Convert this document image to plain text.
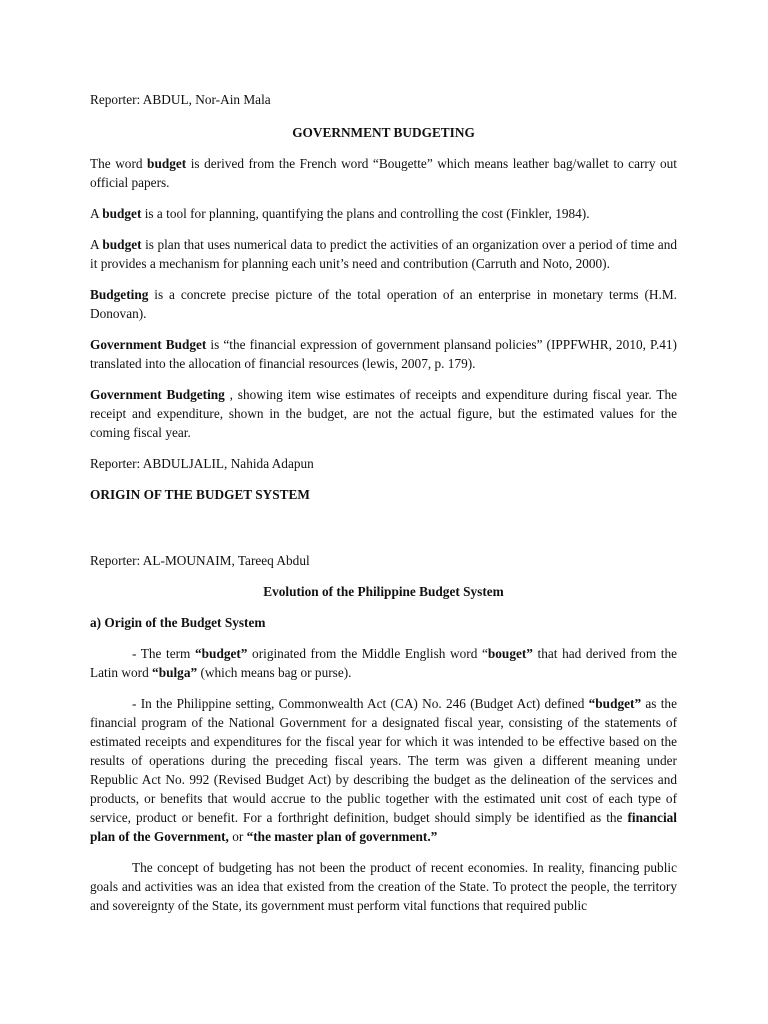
Reporter: ABDUL, Nor-Ain Mala

GOVERNMENT BUDGETING

The word budget is derived from the French word “Bougette” which means leather bag/wallet to carry out official papers.

A budget is a tool for planning, quantifying the plans and controlling the cost (Finkler, 1984).

A budget is plan that uses numerical data to predict the activities of an organization over a period of time and it provides a mechanism for planning each unit’s need and contribution (Carruth and Noto, 2000).

Budgeting is a concrete precise picture of the total operation of an enterprise in monetary terms (H.M. Donovan).

Government Budget is “the financial expression of government plansand policies” (IPPFWHR, 2010, P.41) translated into the allocation of financial resources (lewis, 2007, p. 179).

Government Budgeting , showing item wise estimates of receipts and expenditure during fiscal year. The receipt and expenditure, shown in the budget, are not the actual figure, but the estimated values for the coming fiscal year.

Reporter: ABDULJALIL, Nahida Adapun

ORIGIN OF THE BUDGET SYSTEM

Reporter: AL-MOUNAIM, Tareeq Abdul

Evolution of the Philippine Budget System

a) Origin of the Budget System

- The term “budget” originated from the Middle English word “bouget” that had derived from the Latin word “bulga” (which means bag or purse).

- In the Philippine setting, Commonwealth Act (CA) No. 246 (Budget Act) defined “budget” as the financial program of the National Government for a designated fiscal year, consisting of the statements of estimated receipts and expenditures for the fiscal year for which it was intended to be effective based on the results of operations during the preceding fiscal years. The term was given a different meaning under Republic Act No. 992 (Revised Budget Act) by describing the budget as the delineation of the services and products, or benefits that would accrue to the public together with the estimated unit cost of each type of service, product or benefit. For a forthright definition, budget should simply be identified as the financial plan of the Government, or “the master plan of government.”

The concept of budgeting has not been the product of recent economies. In reality, financing public goals and activities was an idea that existed from the creation of the State. To protect the people, the territory and sovereignty of the State, its government must perform vital functions that required public
